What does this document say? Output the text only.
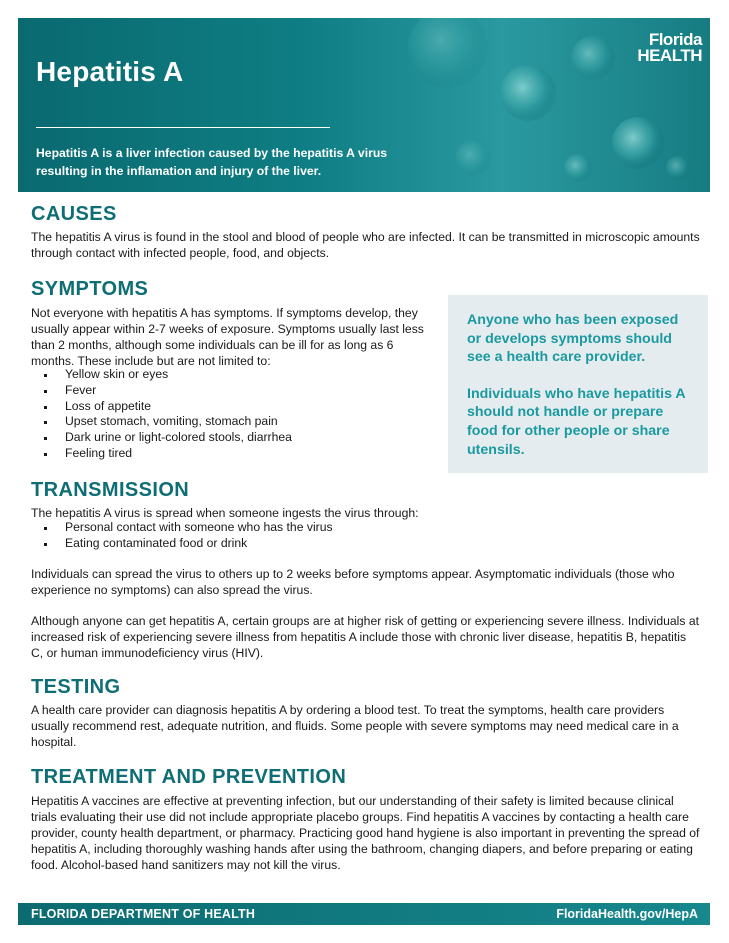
Hepatitis A

Hepatitis A is a liver infection caused by the hepatitis A virus resulting in the inflamation and injury of the liver.

Florida
HEALTH
CAUSES

The hepatitis A virus is found in the stool and blood of people who are infected. It can be transmitted in microscopic amounts through contact with infected people, food, and objects.

SYMPTOMS

Not everyone with hepatitis A has symptoms. If symptoms develop, they usually appear within 2-7 weeks of exposure. Symptoms usually last less than 2 months, although some individuals can be ill for as long as 6 months. These include but are not limited to:

Yellow skin or eyes
Fever
Loss of appetite
Upset stomach, vomiting, stomach pain
Dark urine or light-colored stools, diarrhea
Feeling tired

Anyone who has been exposed or develops symptoms should see a health care provider.

Individuals who have hepatitis A should not handle or prepare food for other people or share utensils.

TRANSMISSION

The hepatitis A virus is spread when someone ingests the virus through:

Personal contact with someone who has the virus
Eating contaminated food or drink

Individuals can spread the virus to others up to 2 weeks before symptoms appear. Asymptomatic individuals (those who experience no symptoms) can also spread the virus.

Although anyone can get hepatitis A, certain groups are at higher risk of getting or experiencing severe illness. Individuals at increased risk of experiencing severe illness from hepatitis A include those with chronic liver disease, hepatitis B, hepatitis C, or human immunodeficiency virus (HIV).

TESTING

A health care provider can diagnosis hepatitis A by ordering a blood test. To treat the symptoms, health care providers usually recommend rest, adequate nutrition, and fluids. Some people with severe symptoms may need medical care in a hospital.

TREATMENT AND PREVENTION

Hepatitis A vaccines are effective at preventing infection, but our understanding of their safety is limited because clinical trials evaluating their use did not include appropriate placebo groups. Find hepatitis A vaccines by contacting a health care provider, county health department, or pharmacy. Practicing good hand hygiene is also important in preventing the spread of hepatitis A, including thoroughly washing hands after using the bathroom, changing diapers, and before preparing or eating food. Alcohol-based hand sanitizers may not kill the virus.

FLORIDA DEPARTMENT OF HEALTH	FloridaHealth.gov/HepA
